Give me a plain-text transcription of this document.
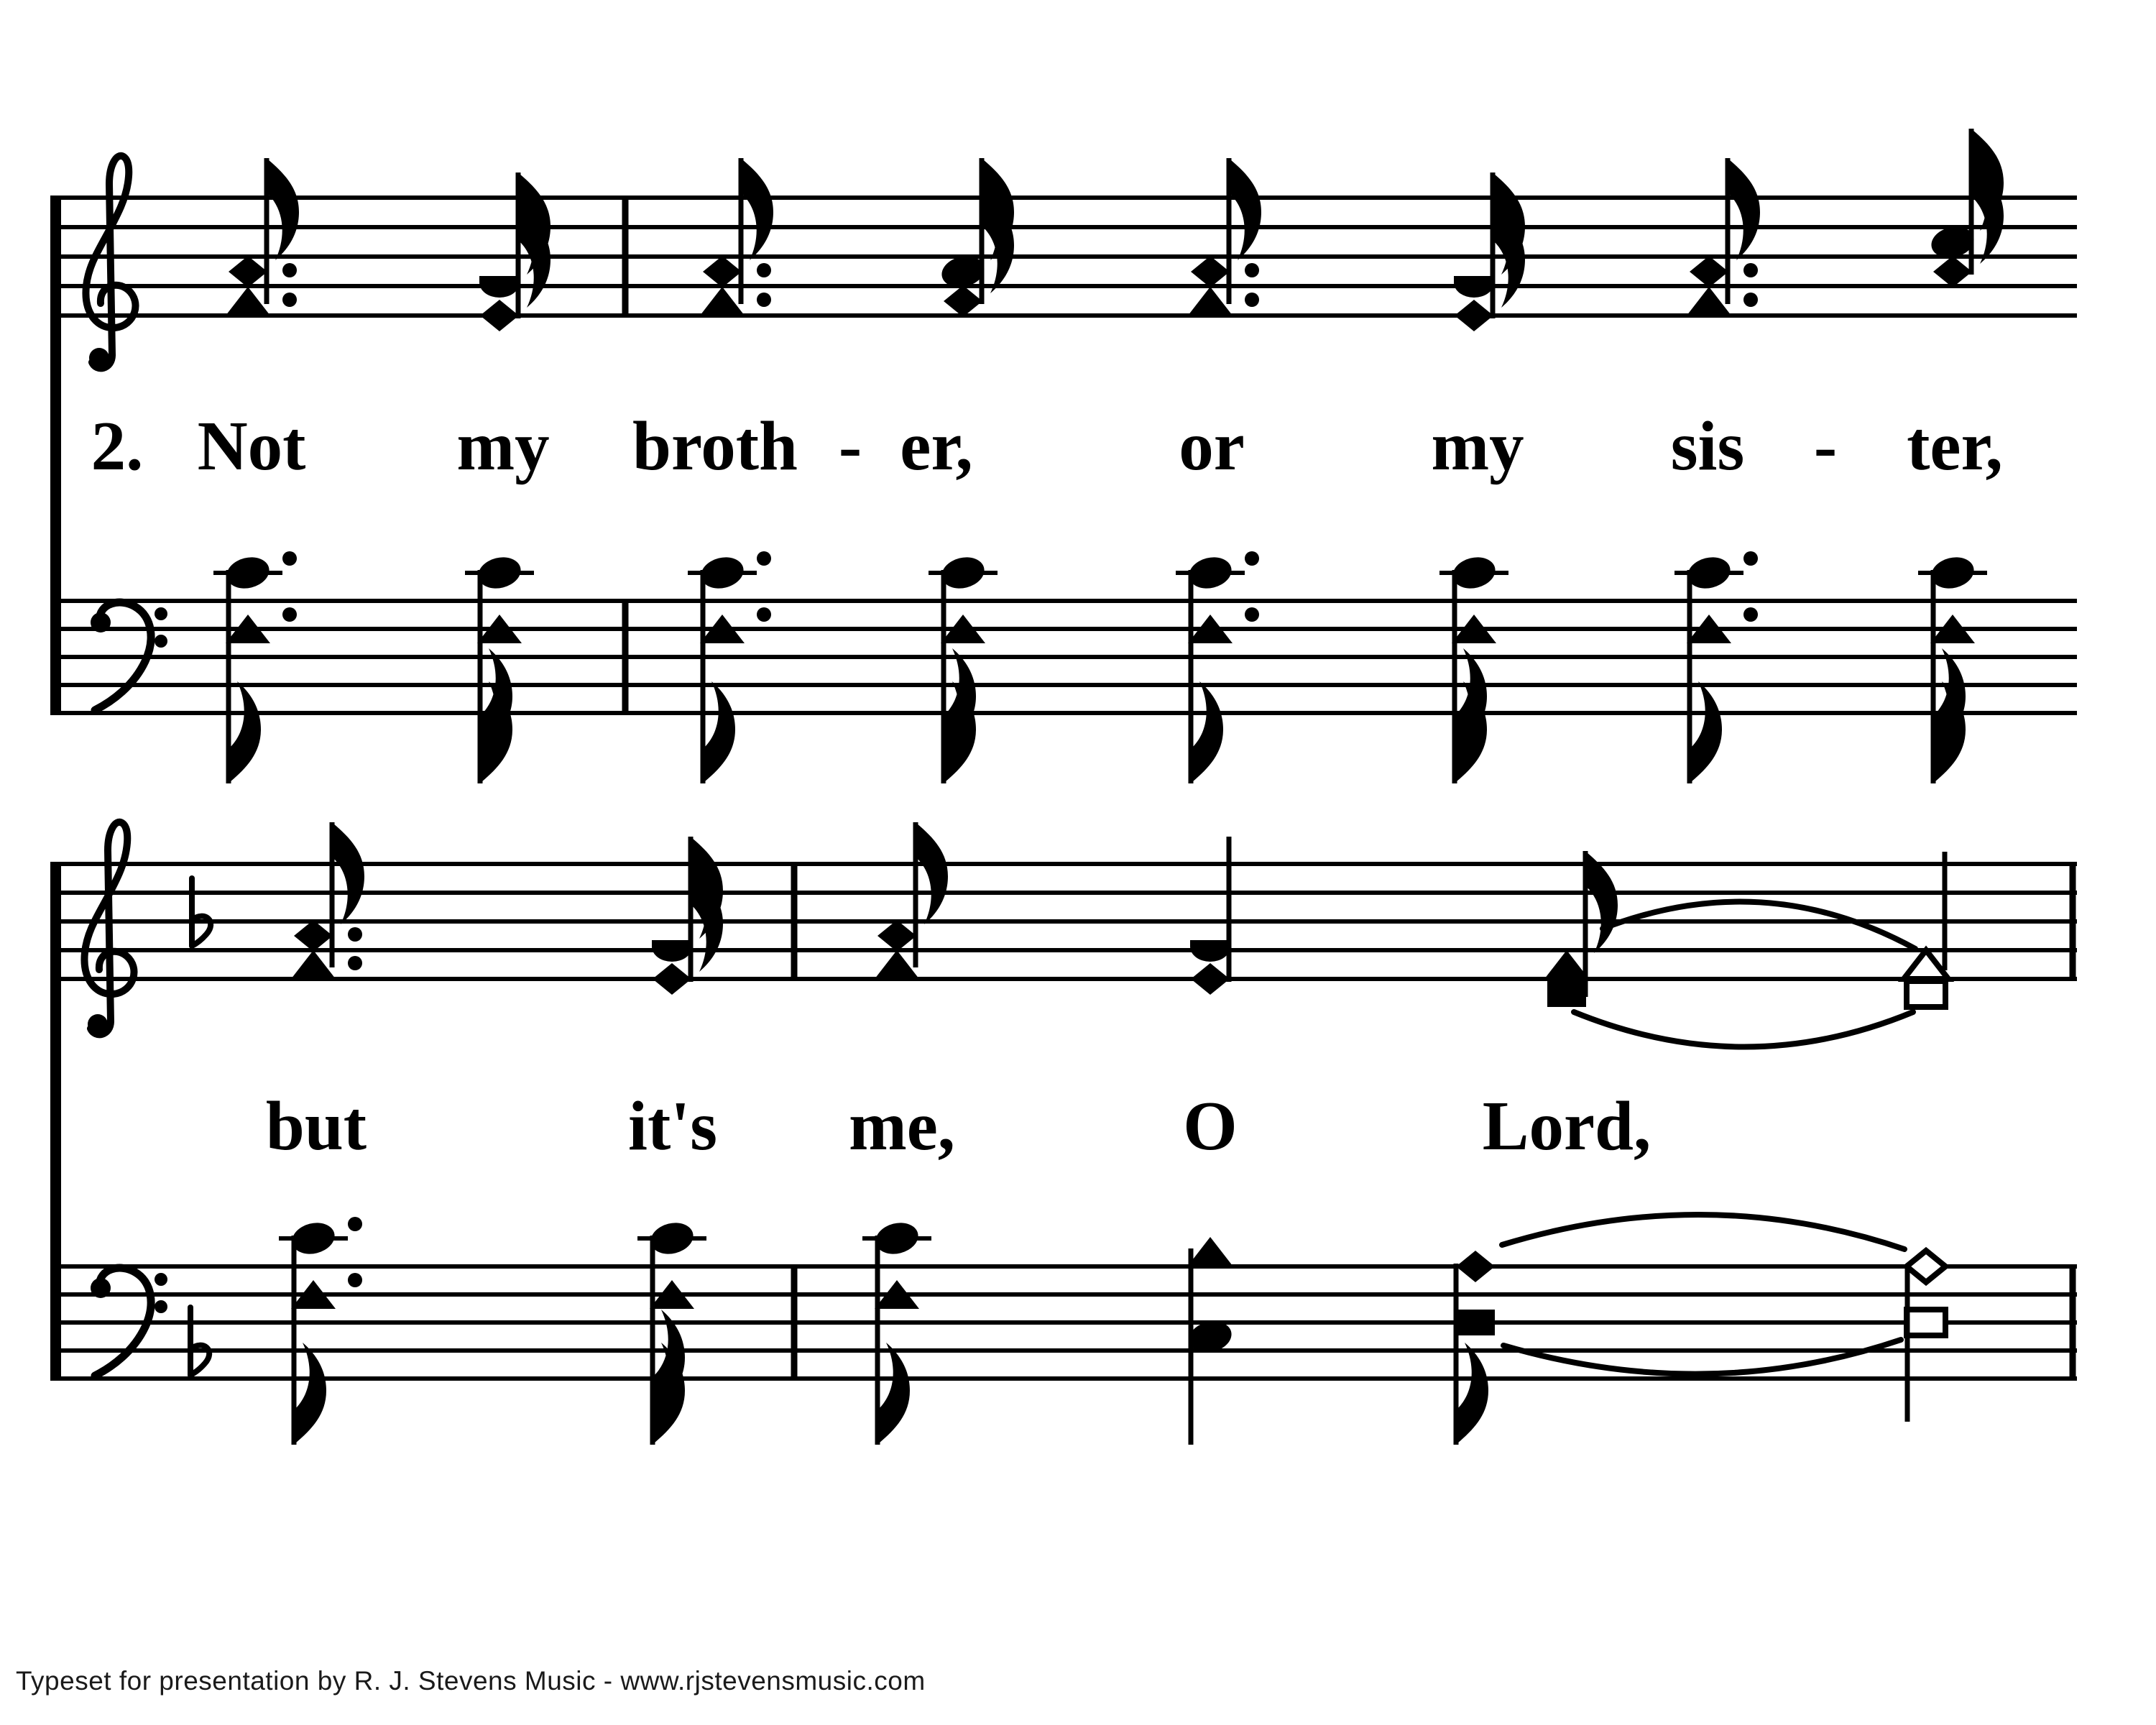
2. Not my broth - er,	or	my sis - ter,
but	it's me,	O	Lord,
Typeset for presentation by R. J. Stevens Music - www.rjstevensmusic.com
